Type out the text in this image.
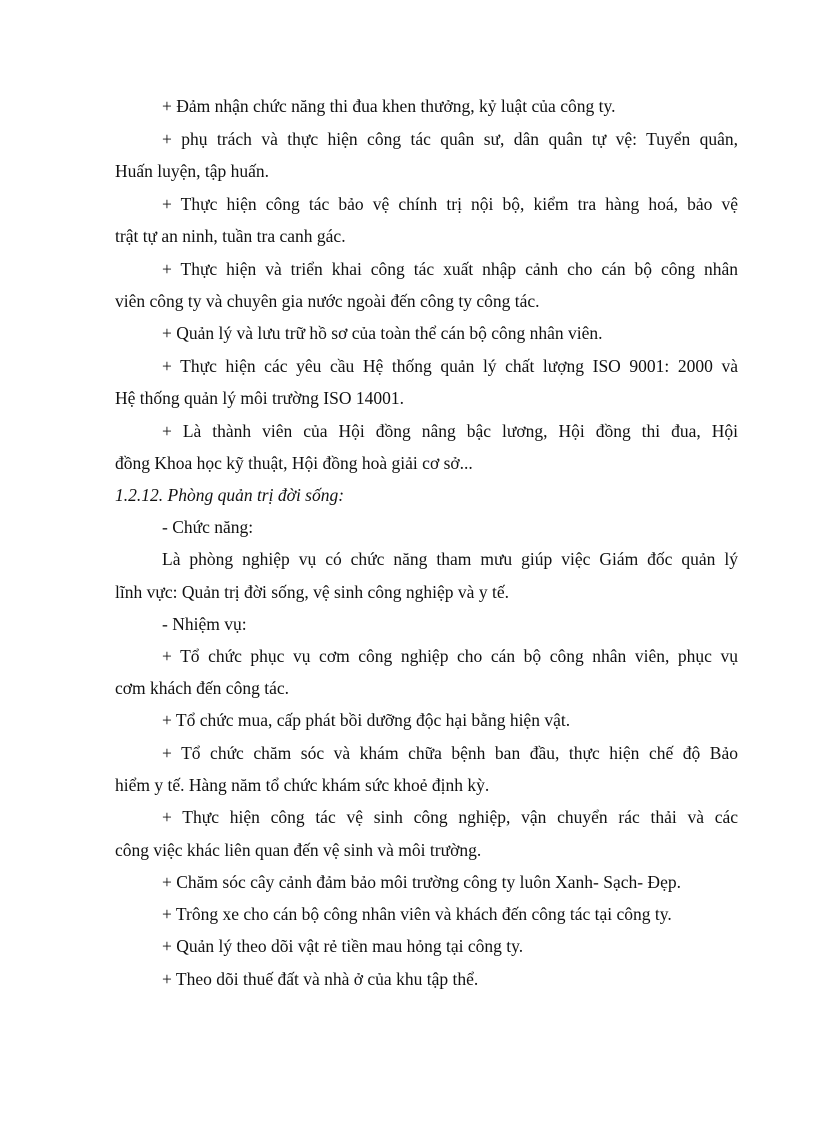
+ Đảm nhận chức năng thi đua khen thưởng, kỷ luật của công ty.
+ phụ trách và thực hiện công tác quân sư, dân quân tự vệ: Tuyển quân,
Huấn luyện, tập huấn.
+ Thực hiện công tác bảo vệ chính trị nội bộ, kiểm tra hàng hoá, bảo vệ
trật tự an ninh, tuần tra canh gác.
+ Thực hiện và triển khai công tác xuất nhập cảnh cho cán bộ công nhân
viên công ty và chuyên gia nước ngoài đến công ty công tác.
+ Quản lý và lưu trữ hồ sơ của toàn thể cán bộ công nhân viên.
+ Thực hiện các yêu cầu Hệ thống quản lý chất lượng ISO 9001: 2000 và
Hệ thống quản lý môi trường ISO 14001.
+ Là thành viên của Hội đồng nâng bậc lương, Hội đồng thi đua, Hội
đồng Khoa học kỹ thuật, Hội đồng hoà giải cơ sở...
1.2.12. Phòng quản trị đời sống:
- Chức năng:
Là phòng nghiệp vụ có chức năng tham mưu giúp việc Giám đốc quản lý
lĩnh vực: Quản trị đời sống, vệ sinh công nghiệp và y tế.
- Nhiệm vụ:
+ Tổ chức phục vụ cơm công nghiệp cho cán bộ công nhân viên, phục vụ
cơm khách đến công tác.
+ Tổ chức mua, cấp phát bồi dưỡng độc hại bằng hiện vật.
+ Tổ chức chăm sóc và khám chữa bệnh ban đầu, thực hiện chế độ Bảo
hiểm y tế. Hàng năm tổ chức khám sức khoẻ định kỳ.
+ Thực hiện công tác vệ sinh công nghiệp, vận chuyển rác thải và các
công việc khác liên quan đến vệ sinh và môi trường.
+ Chăm sóc cây cảnh đảm bảo môi trường công ty luôn Xanh- Sạch- Đẹp.
+ Trông xe cho cán bộ công nhân viên và khách đến công tác tại công ty.
+ Quản lý theo dõi vật rẻ tiền mau hỏng tại công ty.
+ Theo dõi thuế đất và nhà ở của khu tập thể.
